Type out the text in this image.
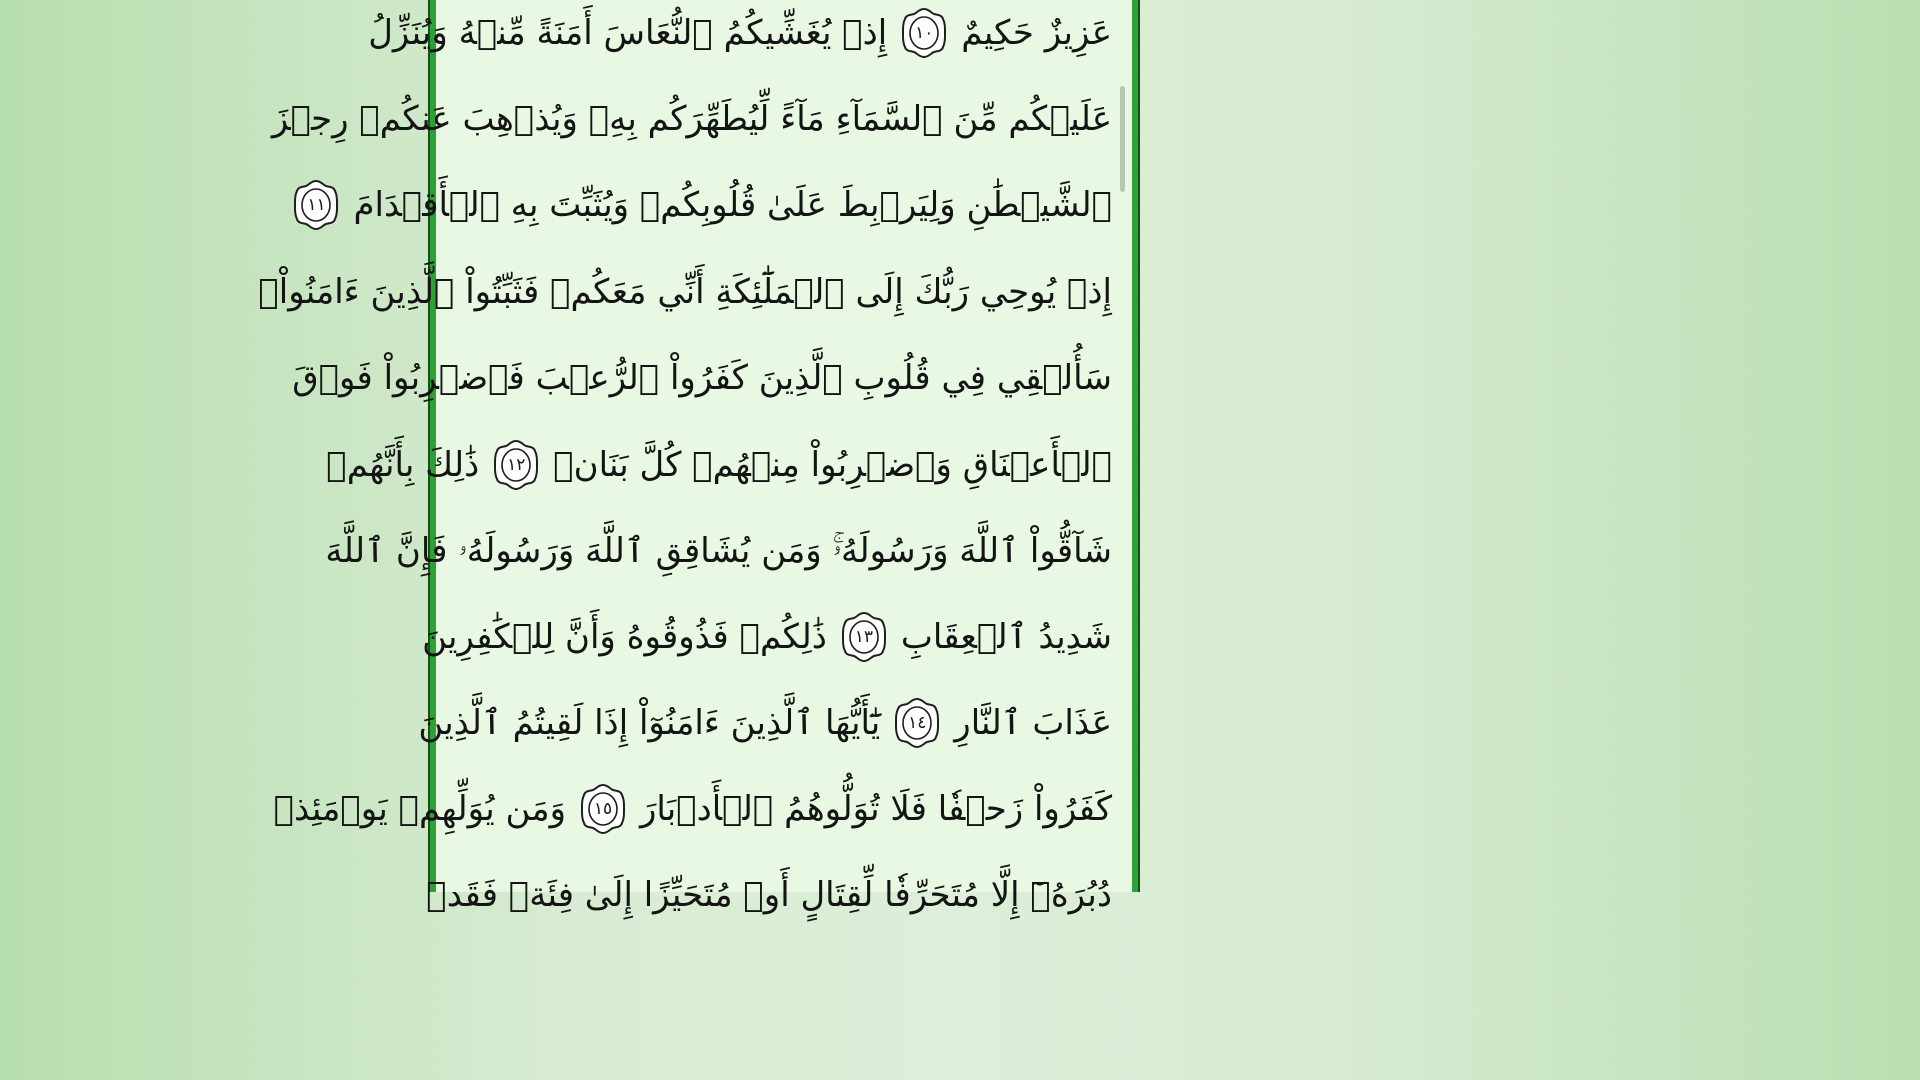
عَزِيزٌ حَكِيمٌ
١٠
إِذۡ يُغَشِّيكُمُ ٱلنُّعَاسَ أَمَنَةً مِّنۡهُ وَيُنَزِّلُ
عَلَيۡكُم مِّنَ ٱلسَّمَآءِ مَآءً لِّيُطَهِّرَكُم بِهِۦ وَيُذۡهِبَ عَنكُمۡ رِجۡزَ
ٱلشَّيۡطَٰنِ وَلِيَرۡبِطَ عَلَىٰ قُلُوبِكُمۡ وَيُثَبِّتَ بِهِ ٱلۡأَقۡدَامَ
١١
إِذۡ يُوحِي رَبُّكَ إِلَى ٱلۡمَلَٰٓئِكَةِ أَنِّي مَعَكُمۡ فَثَبِّتُواْ ٱلَّذِينَ ءَامَنُواْۚ
سَأُلۡقِي فِي قُلُوبِ ٱلَّذِينَ كَفَرُواْ ٱلرُّعۡبَ فَٱضۡرِبُواْ فَوۡقَ
ٱلۡأَعۡنَاقِ وَٱضۡرِبُواْ مِنۡهُمۡ كُلَّ بَنَانٖ
١٢
ذَٰلِكَ بِأَنَّهُمۡ
شَآقُّواْ ٱللَّهَ وَرَسُولَهُۥۚ وَمَن يُشَاقِقِ ٱللَّهَ وَرَسُولَهُۥ فَإِنَّ ٱللَّهَ
شَدِيدُ ٱلۡعِقَابِ
١٣
ذَٰلِكُمۡ فَذُوقُوهُ وَأَنَّ لِلۡكَٰفِرِينَ
عَذَابَ ٱلنَّارِ
١٤
يَٰٓأَيُّهَا ٱلَّذِينَ ءَامَنُوٓاْ إِذَا لَقِيتُمُ ٱلَّذِينَ
كَفَرُواْ زَحۡفٗا فَلَا تُوَلُّوهُمُ ٱلۡأَدۡبَارَ
١٥
وَمَن يُوَلِّهِمۡ يَوۡمَئِذٖ
دُبُرَهُۥٓ إِلَّا مُتَحَرِّفٗا لِّقِتَالٍ أَوۡ مُتَحَيِّزًا إِلَىٰ فِئَةٖ فَقَدۡ
